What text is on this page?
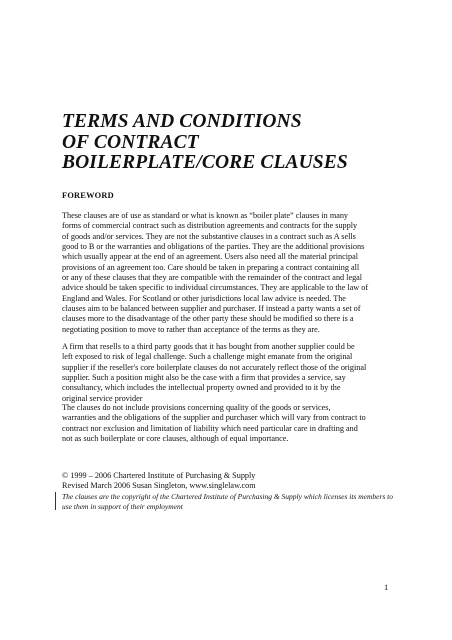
TERMS AND CONDITIONS
OF CONTRACT
BOILERPLATE/CORE CLAUSES

FOREWORD

These clauses are of use as standard or what is known as “boiler plate” clauses in many
forms of commercial contract such as distribution agreements and contracts for the supply
of goods and/or services. They are not the substantive clauses in a contract such as A sells
good to B or the warranties and obligations of the parties. They are the additional provisions
which usually appear at the end of an agreement. Users also need all the material principal
provisions of an agreement too. Care should be taken in preparing a contract containing all
or any of these clauses that they are compatible with the remainder of the contract and legal
advice should be taken specific to individual circumstances. They are applicable to the law of
England and Wales. For Scotland or other jurisdictions local law advice is needed. The
clauses aim to be balanced between supplier and purchaser. If instead a party wants a set of
clauses more to the disadvantage of the other party these should be modified so there is a
negotiating position to move to rather than acceptance of the terms as they are.
A firm that resells to a third party goods that it has bought from another supplier could be
left exposed to risk of legal challenge. Such a challenge might emanate from the original
supplier if the reseller's core boilerplate clauses do not accurately reflect those of the original
supplier. Such a position might also be the case with a firm that provides a service, say
consultancy, which includes the intellectual property owned and provided to it by the
original service provider
The clauses do not include provisions concerning quality of the goods or services,
warranties and the obligations of the supplier and purchaser which will vary from contract to
contract nor exclusion and limitation of liability which need particular care in drafting and
not as such boilerplate or core clauses, although of equal importance.
© 1999 – 2006 Chartered Institute of Purchasing & Supply
Revised March 2006 Susan Singleton, www.singlelaw.com
The clauses are the copyright of the Chartered Institute of Purchasing & Supply which licenses its members to
use them in support of their employment

1
